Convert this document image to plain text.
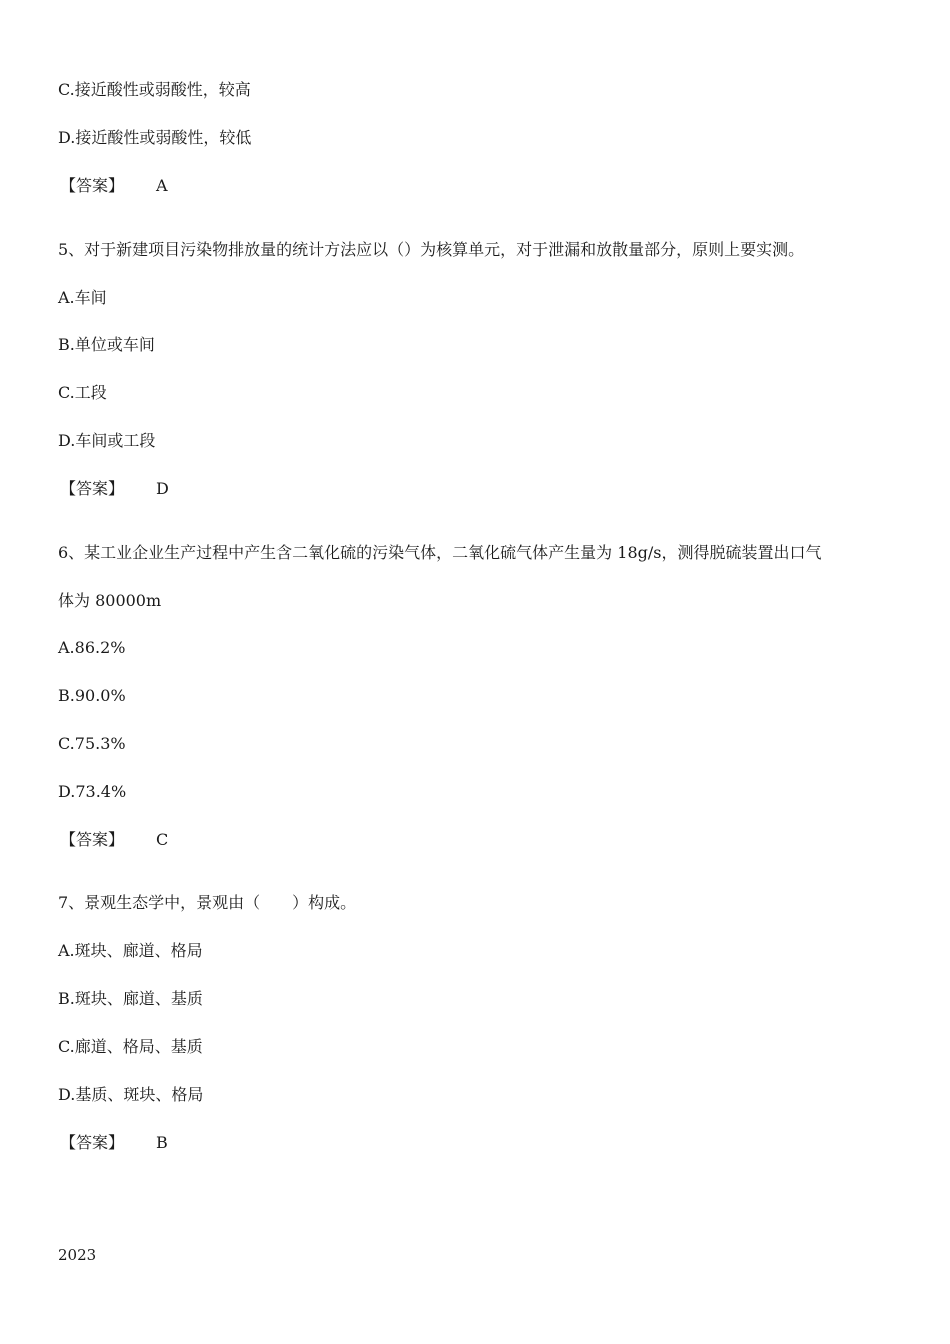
C.接近酸性或弱酸性，较高
D.接近酸性或弱酸性，较低
【答案】 A
5、对于新建项目污染物排放量的统计方法应以（）为核算单元，对于泄漏和放散量部分，原则上要实测。
A.车间
B.单位或车间
C.工段
D.车间或工段
【答案】 D
6、某工业企业生产过程中产生含二氧化硫的污染气体，二氧化硫气体产生量为 18g/s，测得脱硫装置出口气
体为 80000m
A.86.2%
B.90.0%
C.75.3%
D.73.4%
【答案】 C
7、景观生态学中，景观由（　　）构成。
A.斑块、廊道、格局
B.斑块、廊道、基质
C.廊道、格局、基质
D.基质、斑块、格局
【答案】 B
2023
